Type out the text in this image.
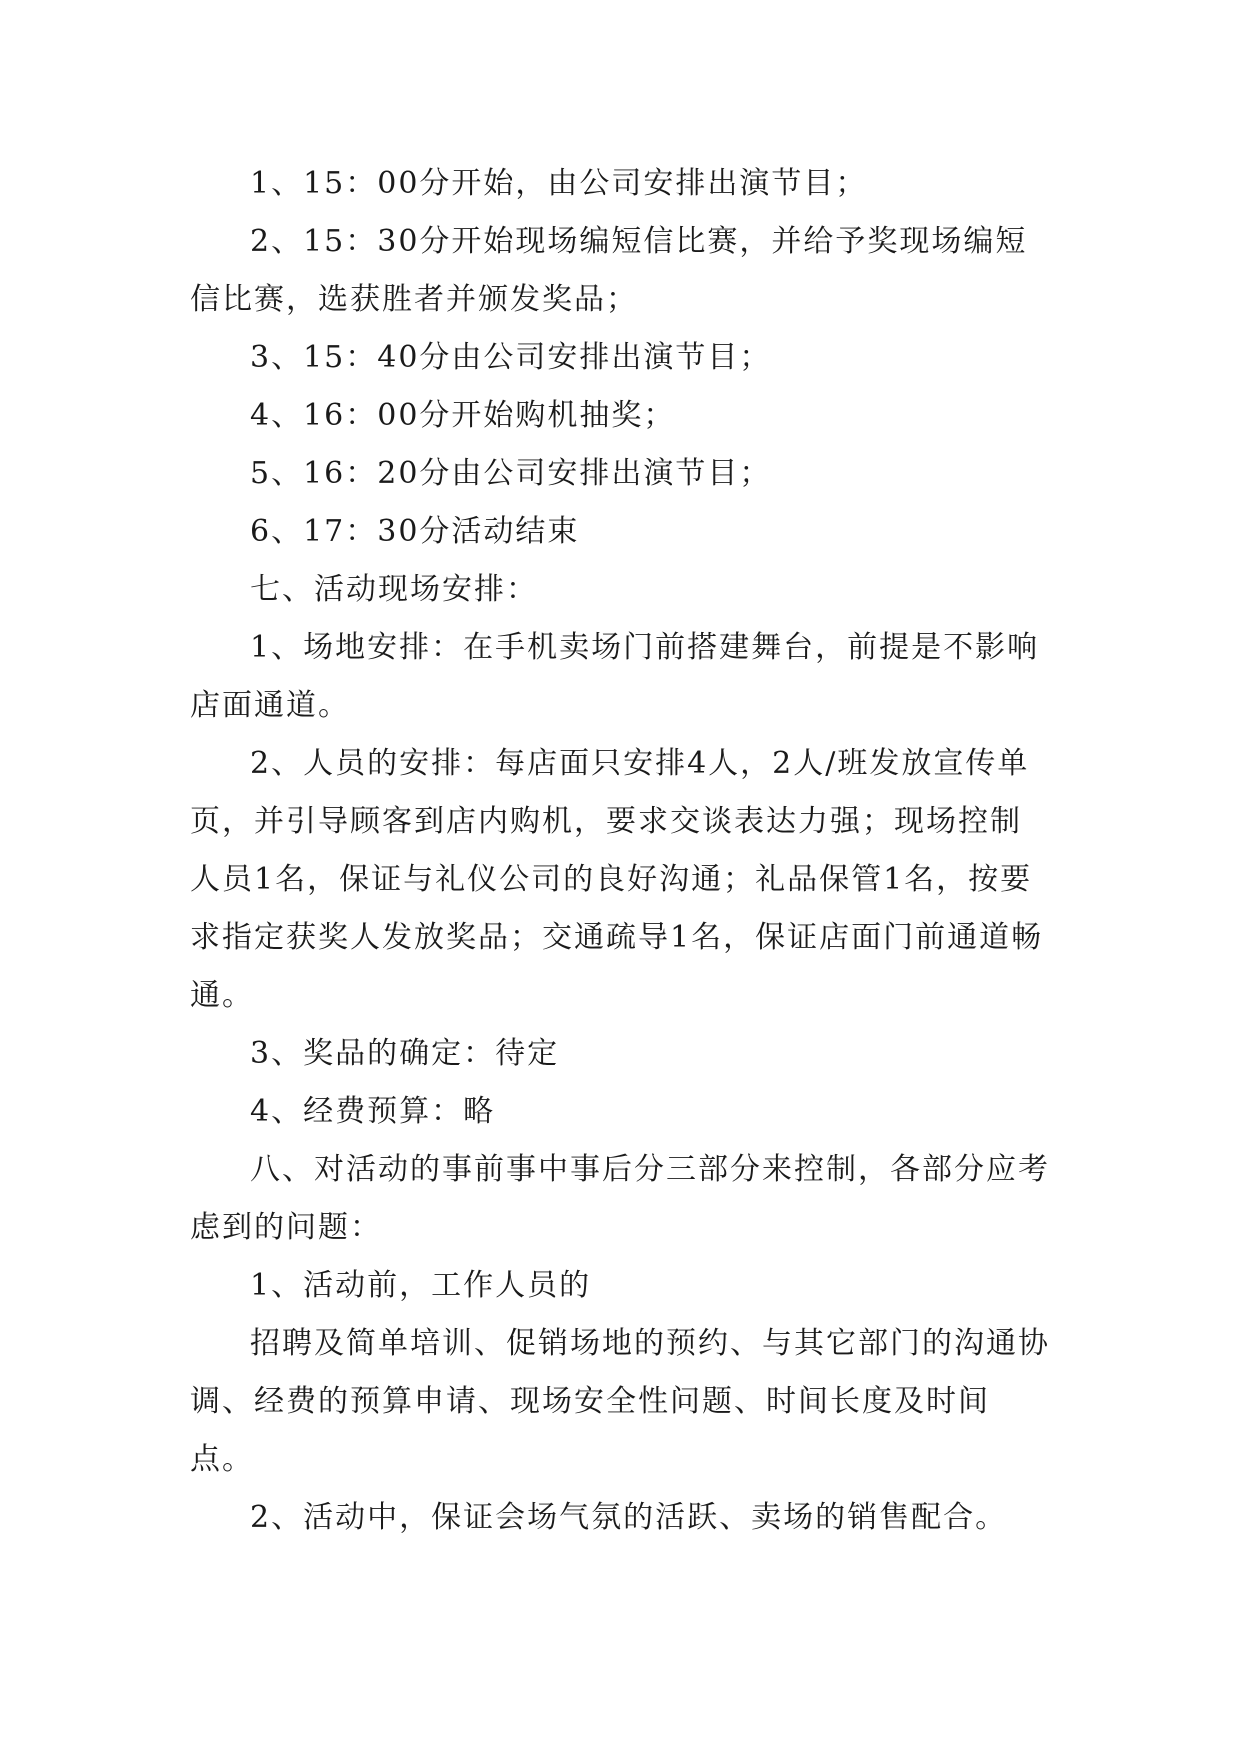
1、15：00分开始，由公司安排出演节目；

2、15：30分开始现场编短信比赛，并给予奖现场编短信比赛，选获胜者并颁发奖品；

3、15：40分由公司安排出演节目；

4、16：00分开始购机抽奖；

5、16：20分由公司安排出演节目；

6、17：30分活动结束

七、活动现场安排：

1、场地安排：在手机卖场门前搭建舞台，前提是不影响店面通道。

2、人员的安排：每店面只安排4人，2人/班发放宣传单页，并引导顾客到店内购机，要求交谈表达力强；现场控制人员1名，保证与礼仪公司的良好沟通；礼品保管1名，按要求指定获奖人发放奖品；交通疏导1名，保证店面门前通道畅通。

3、奖品的确定：待定

4、经费预算：略

八、对活动的事前事中事后分三部分来控制，各部分应考虑到的问题：

1、活动前，工作人员的

招聘及简单培训、促销场地的预约、与其它部门的沟通协调、经费的预算申请、现场安全性问题、时间长度及时间点。

2、活动中，保证会场气氛的活跃、卖场的销售配合。
